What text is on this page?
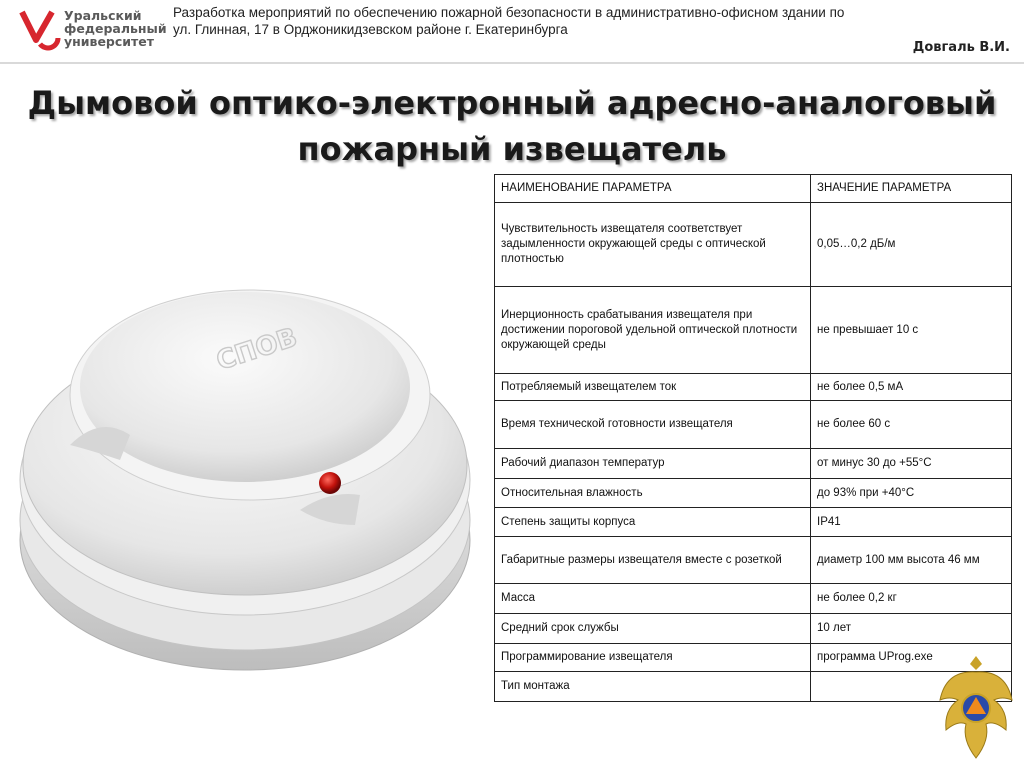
Уральский
федеральный
университет
Разработка мероприятий по обеспечению пожарной безопасности в административно-офисном здании по
ул. Глинная, 17 в Орджоникидзевском районе г. Екатеринбурга
Довгаль В.И.
Дымовой оптико-электронный адресно-аналоговый
пожарный извещатель
СПОВ
НАИМЕНОВАНИЕ ПАРАМЕТРА	ЗНАЧЕНИЕ ПАРАМЕТРА
Чувствительность извещателя соответствует задымленности окружающей среды с оптической плотностью	0,05…0,2 дБ/м
Инерционность срабатывания извещателя при достижении пороговой удельной оптической плотности окружающей среды	не превышает 10 с
Потребляемый извещателем ток	не более 0,5 мА
Время технической готовности извещателя	не более 60 с
Рабочий диапазон температур	от минус 30 до +55°С
Относительная влажность	до 93% при +40°С
Степень защиты корпуса	IP41
Габаритные размеры извещателя вместе с розеткой	диаметр 100 мм высота 46 мм
Масса	не более 0,2 кг
Средний срок службы	10 лет
Программирование извещателя	программа UProg.exe
Тип монтажа	
